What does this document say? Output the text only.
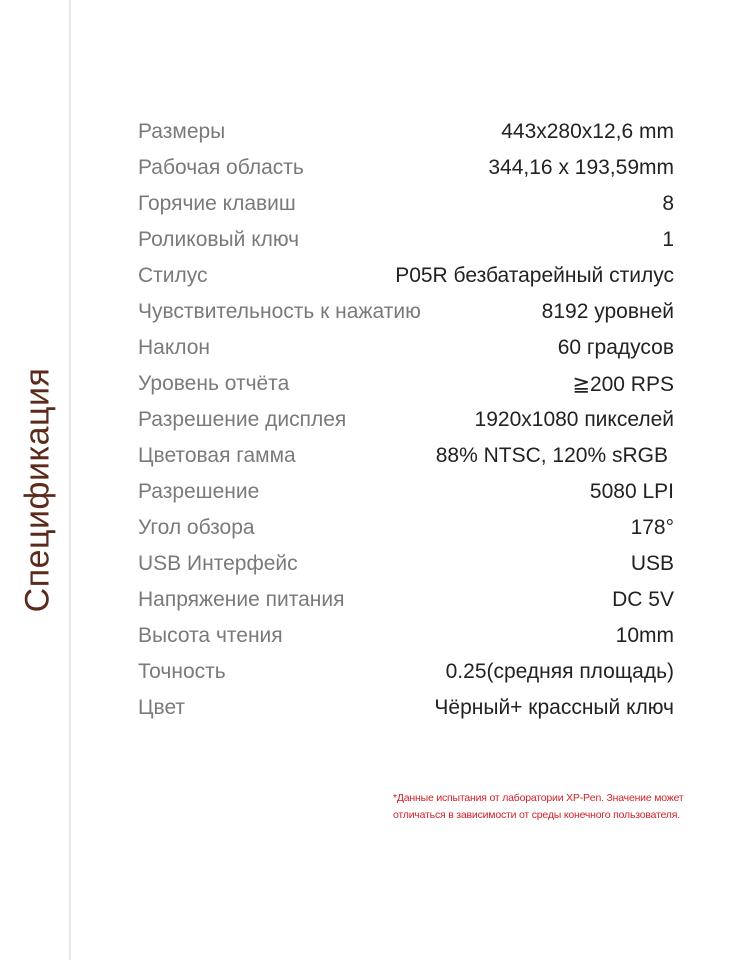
Спецификация
Размеры	443x280x12,6 mm
Рабочая область	344,16 x 193,59mm
Горячие клавиш	8
Роликовый ключ	1
Стилус	P05R безбатарейный стилус
Чувствительность к нажатию	8192 уровней
Наклон	60 градусов
Уровень отчёта	≧200 RPS
Разрешение дисплея	1920x1080 пикселей
Цветовая гамма	88% NTSC, 120% sRGB
Разрешение	5080 LPI
Угол обзора	178°
USB Интерфейс	USB
Напряжение питания	DC 5V
Высота чтения	10mm
Точность	0.25(средняя площадь)
Цвет	Чёрный+ крассный ключ
*Данные испытания от лаборатории XP-Pen. Значение может
отличаться в зависимости от среды конечного пользователя.
